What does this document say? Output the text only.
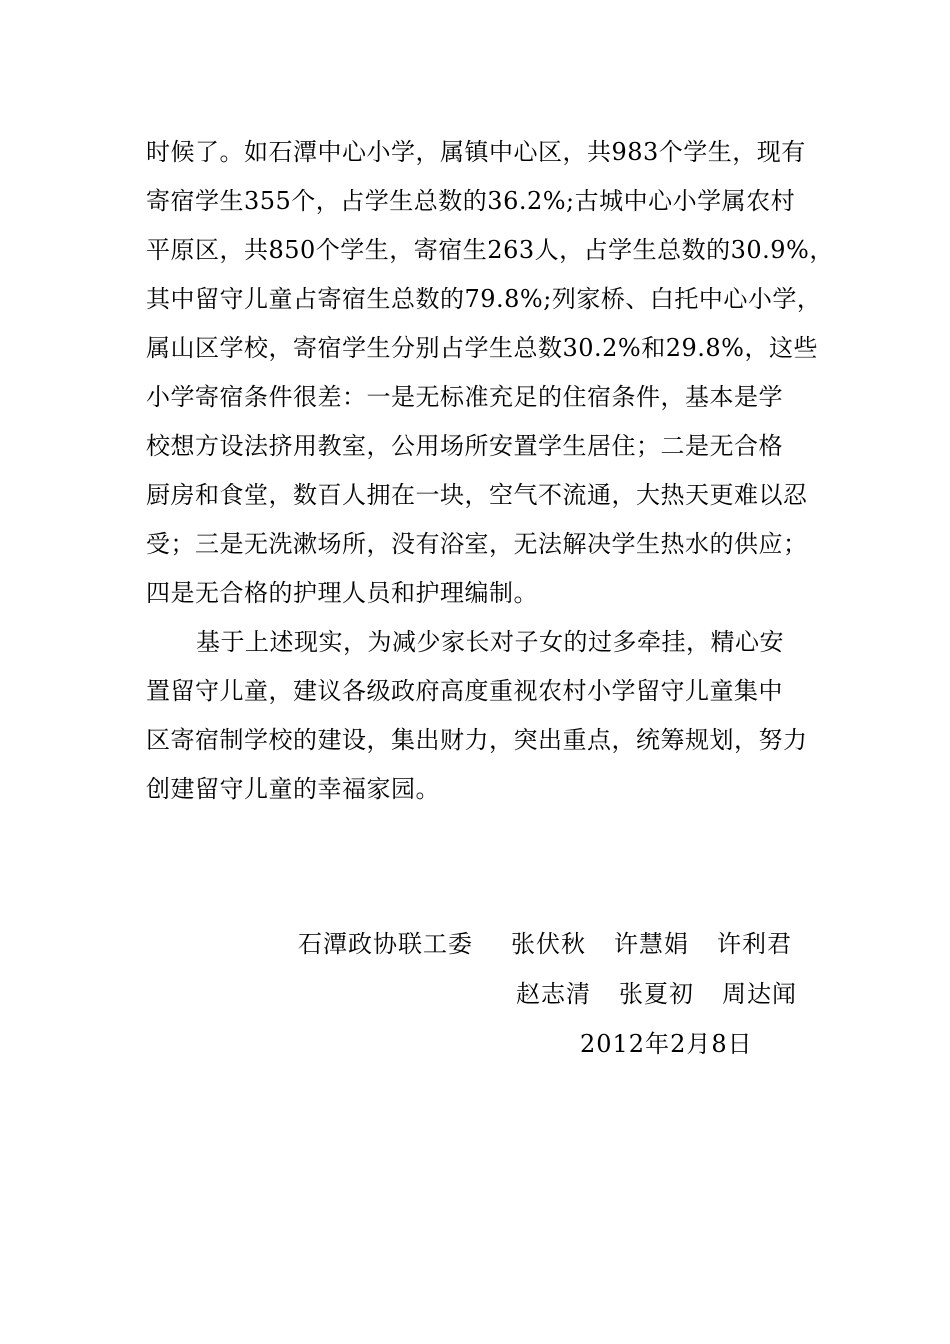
时候了。如石潭中心小学，属镇中心区，共983个学生，现有
寄宿学生355个，占学生总数的36.2%;古城中心小学属农村
平原区，共850个学生，寄宿生263人，占学生总数的30.9%，
其中留守儿童占寄宿生总数的79.8%;列家桥、白托中心小学，
属山区学校，寄宿学生分别占学生总数30.2%和29.8%，这些
小学寄宿条件很差：一是无标准充足的住宿条件，基本是学
校想方设法挤用教室，公用场所安置学生居住；二是无合格
厨房和食堂，数百人拥在一块，空气不流通，大热天更难以忍
受；三是无洗漱场所，没有浴室，无法解决学生热水的供应；
四是无合格的护理人员和护理编制。
基于上述现实，为减少家长对子女的过多牵挂，精心安
置留守儿童，建议各级政府高度重视农村小学留守儿童集中
区寄宿制学校的建设，集出财力，突出重点，统筹规划，努力
创建留守儿童的幸福家园。
石潭政协联工委 张伏秋 许慧娟 许利君
赵志清 张夏初 周达闻
2012年2月8日
